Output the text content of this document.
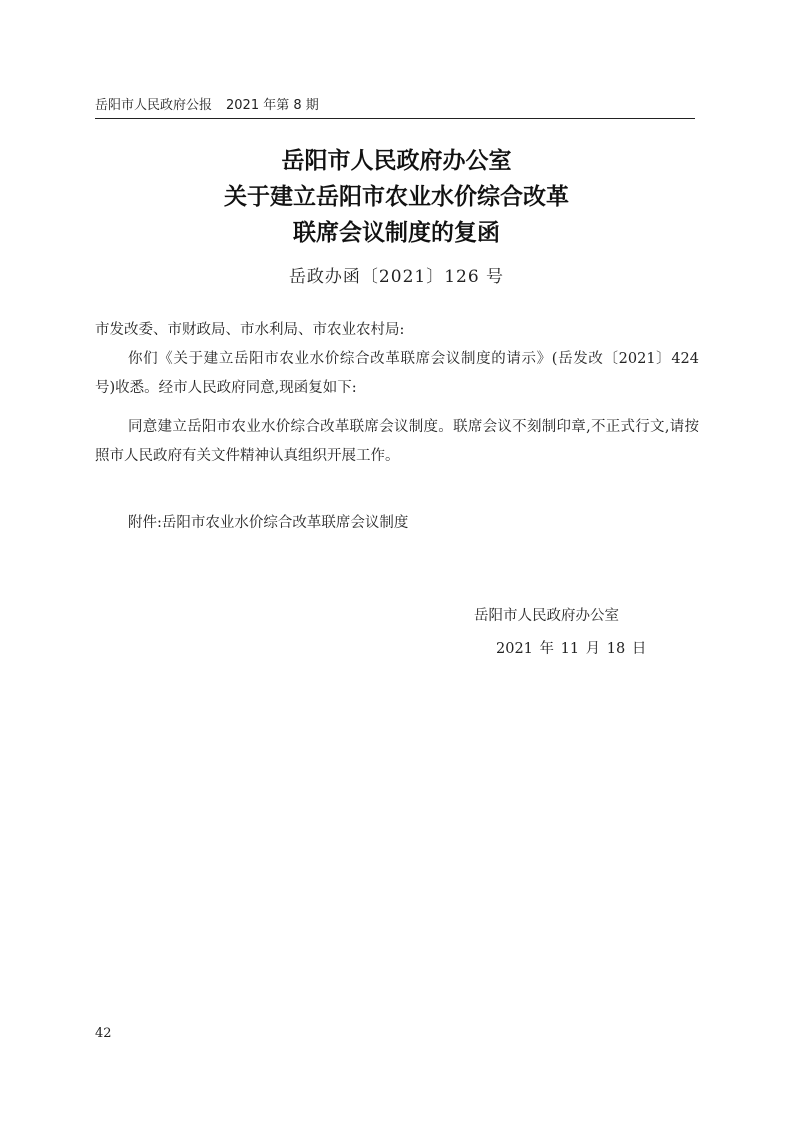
岳阳市人民政府公报 2021 年第 8 期
岳阳市人民政府办公室
关于建立岳阳市农业水价综合改革
联席会议制度的复函
岳政办函〔2021〕126 号
市发改委、市财政局、市水利局、市农业农村局:
你们《关于建立岳阳市农业水价综合改革联席会议制度的请示》(岳发改〔2021〕424 号)收悉。经市人民政府同意,现函复如下:
同意建立岳阳市农业水价综合改革联席会议制度。联席会议不刻制印章,不正式行文,请按照市人民政府有关文件精神认真组织开展工作。
附件:岳阳市农业水价综合改革联席会议制度
岳阳市人民政府办公室
2021 年 11 月 18 日
42
